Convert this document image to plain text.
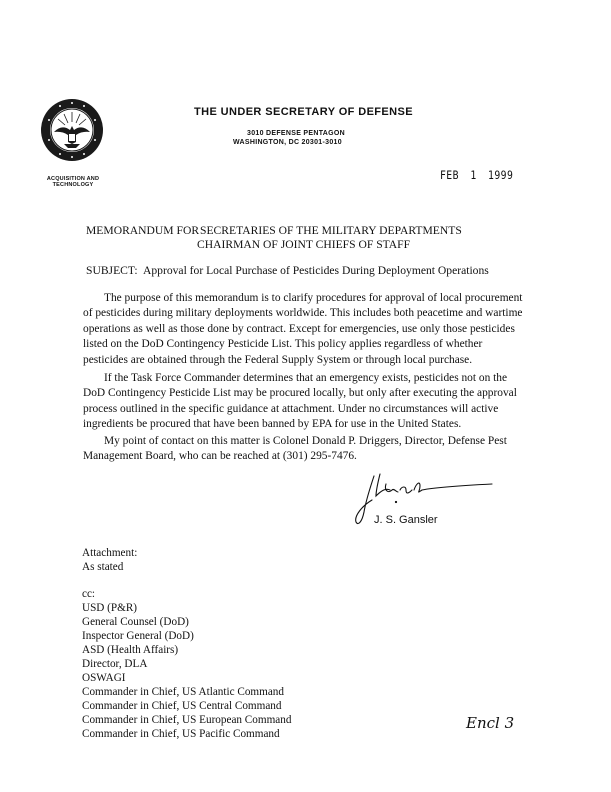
ACQUISITION AND
TECHNOLOGY
THE UNDER SECRETARY OF DEFENSE
3010 DEFENSE PENTAGON
WASHINGTON, DC 20301-3010
FEB 1 1999
MEMORANDUM FOR SECRETARIES OF THE MILITARY DEPARTMENTS
CHAIRMAN OF JOINT CHIEFS OF STAFF
SUBJECT: Approval for Local Purchase of Pesticides During Deployment Operations
The purpose of this memorandum is to clarify procedures for approval of local procurement
of pesticides during military deployments worldwide. This includes both peacetime and wartime
operations as well as those done by contract. Except for emergencies, use only those pesticides
listed on the DoD Contingency Pesticide List. This policy applies regardless of whether
pesticides are obtained through the Federal Supply System or through local purchase.
If the Task Force Commander determines that an emergency exists, pesticides not on the
DoD Contingency Pesticide List may be procured locally, but only after executing the approval
process outlined in the specific guidance at attachment. Under no circumstances will active
ingredients be procured that have been banned by EPA for use in the United States.
My point of contact on this matter is Colonel Donald P. Driggers, Director, Defense Pest
Management Board, who can be reached at (301) 295-7476.
J. S. Gansler
Attachment:
As stated
cc:
USD (P&R)
General Counsel (DoD)
Inspector General (DoD)
ASD (Health Affairs)
Director, DLA
OSWAGI
Commander in Chief, US Atlantic Command
Commander in Chief, US Central Command
Commander in Chief, US European Command
Commander in Chief, US Pacific Command
Encl 3
